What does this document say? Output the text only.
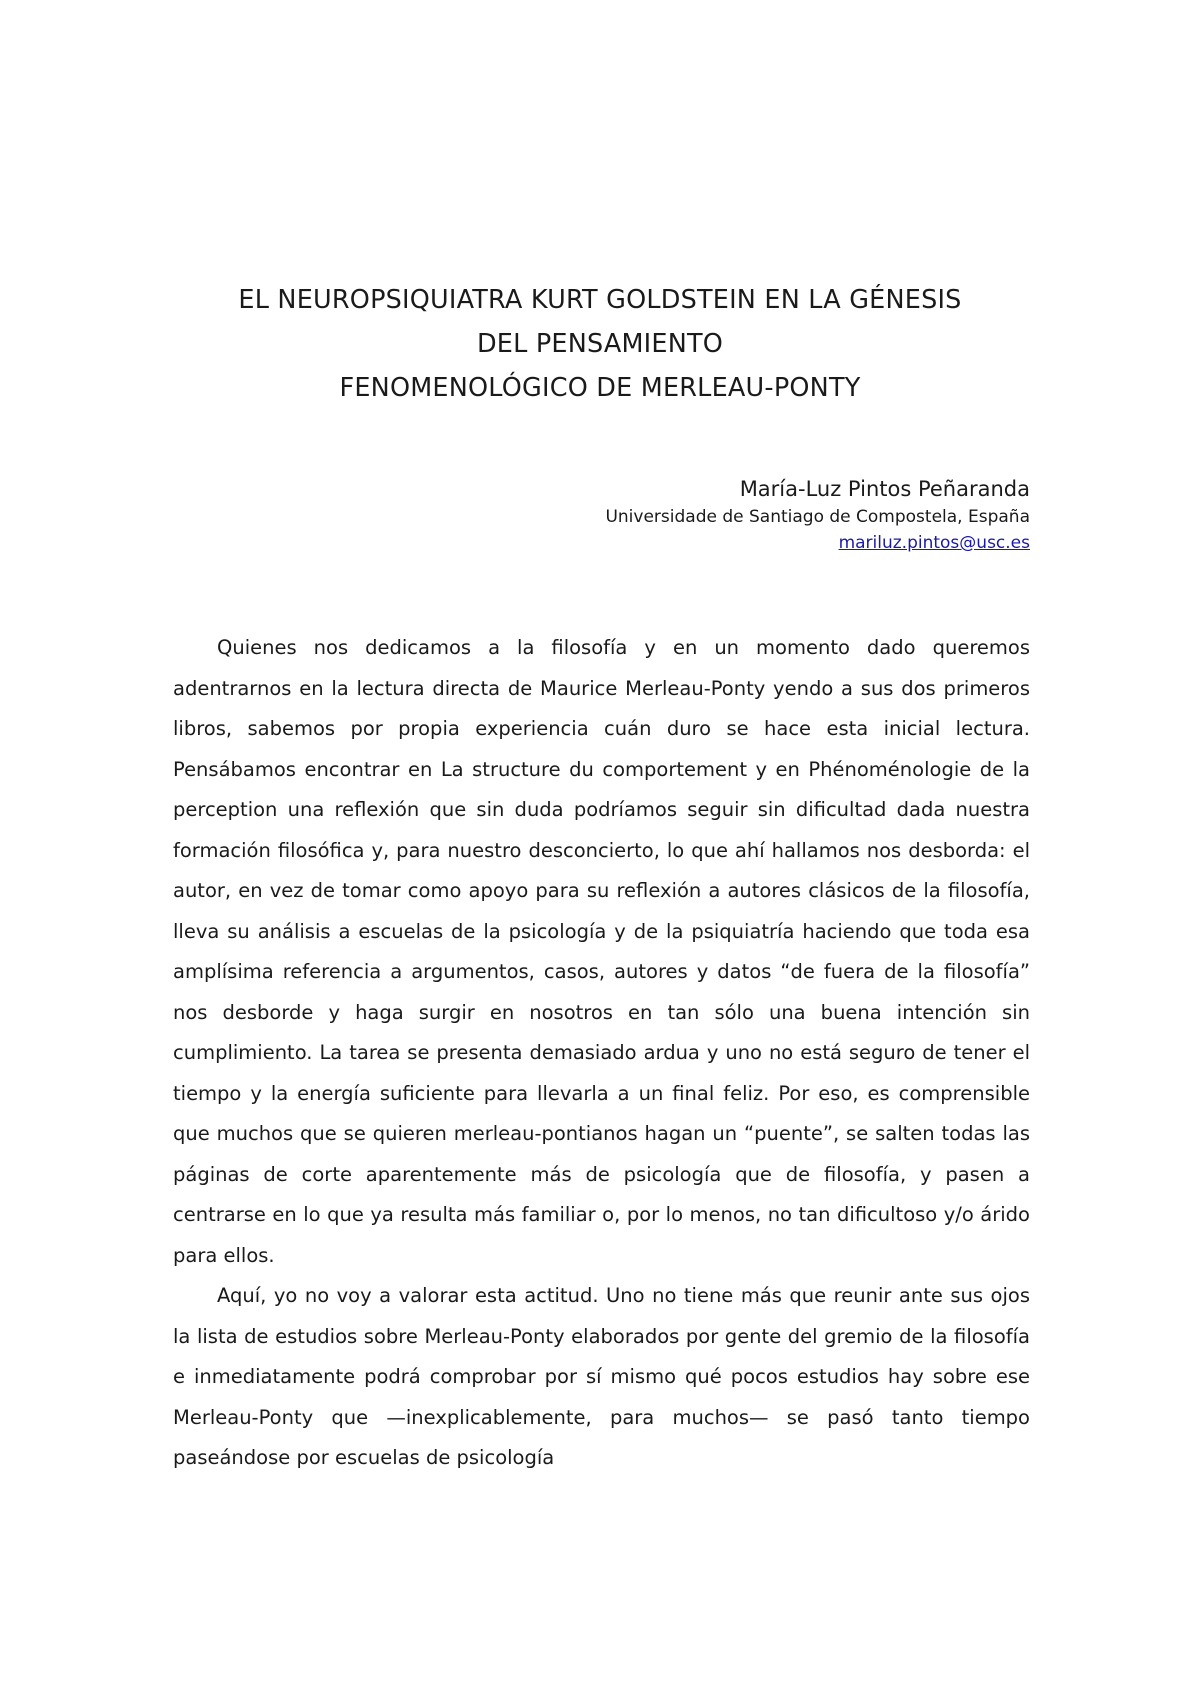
EL NEUROPSIQUIATRA KURT GOLDSTEIN EN LA GÉNESIS
DEL PENSAMIENTO
FENOMENOLÓGICO DE MERLEAU-PONTY
María-Luz Pintos Peñaranda
Universidade de Santiago de Compostela, España
mariluz.pintos@usc.es

Quienes nos dedicamos a la filosofía y en un momento dado queremos adentrarnos en la lectura directa de Maurice Merleau-Ponty yendo a sus dos primeros libros, sabemos por propia experiencia cuán duro se hace esta inicial lectura. Pensábamos encontrar en La structure du comportement y en Phénoménologie de la perception una reflexión que sin duda podríamos seguir sin dificultad dada nuestra formación filosófica y, para nuestro desconcierto, lo que ahí hallamos nos desborda: el autor, en vez de tomar como apoyo para su reflexión a autores clásicos de la filosofía, lleva su análisis a escuelas de la psicología y de la psiquiatría haciendo que toda esa amplísima referencia a argumentos, casos, autores y datos “de fuera de la filosofía” nos desborde y haga surgir en nosotros en tan sólo una buena intención sin cumplimiento. La tarea se presenta demasiado ardua y uno no está seguro de tener el tiempo y la energía suficiente para llevarla a un final feliz. Por eso, es comprensible que muchos que se quieren merleau-pontianos hagan un “puente”, se salten todas las páginas de corte aparentemente más de psicología que de filosofía, y pasen a centrarse en lo que ya resulta más familiar o, por lo menos, no tan dificultoso y/o árido para ellos.

Aquí, yo no voy a valorar esta actitud. Uno no tiene más que reunir ante sus ojos la lista de estudios sobre Merleau-Ponty elaborados por gente del gremio de la filosofía e inmediatamente podrá comprobar por sí mismo qué pocos estudios hay sobre ese Merleau-Ponty que —inexplicablemente, para muchos— se pasó tanto tiempo paseándose por escuelas de psicología
